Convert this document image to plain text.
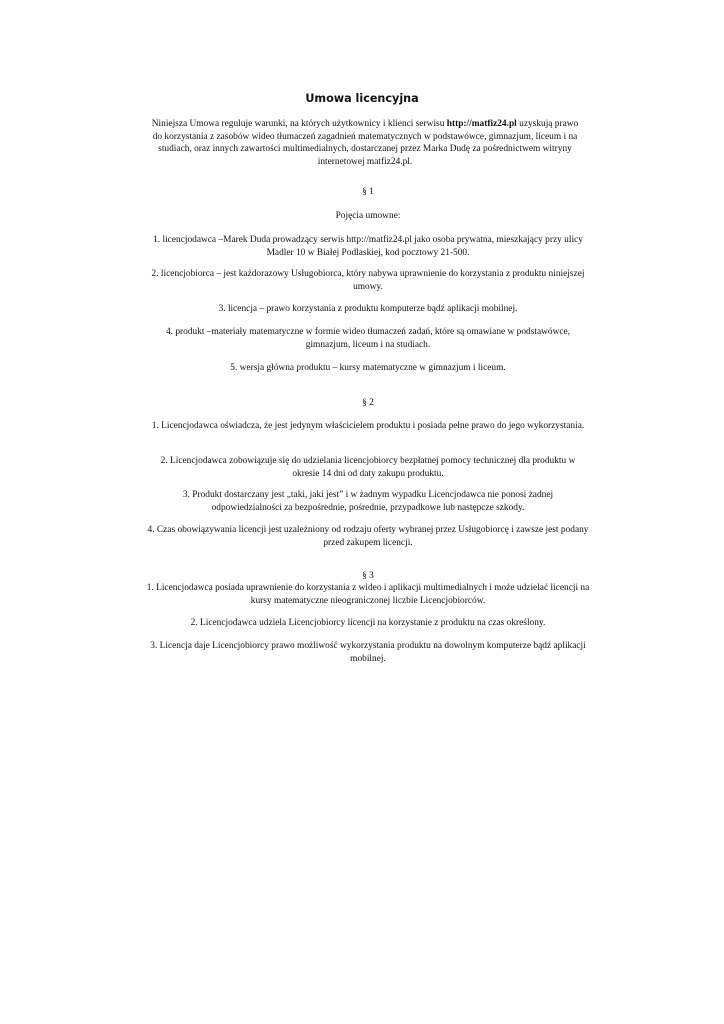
Umowa licencyjna

Niniejsza Umowa reguluje warunki, na których użytkownicy i klienci serwisu http://matfiz24.pl uzyskują prawo do korzystania z zasobów wideo tłumaczeń zagadnień matematycznych w podstawówce, gimnazjum, liceum i na studiach, oraz innych zawartości multimedialnych, dostarczanej przez Marka Dudę za pośrednictwem witryny internetowej matfiz24.pl.

§ 1

Pojęcia umowne:

1. licencjodawca –Marek Duda prowadzący serwis http://matfiz24.pl jako osoba prywatna, mieszkający przy ulicy Madler 10 w Białej Podlaskiej, kod pocztowy 21-500.

2. licencjobiorca – jest każdorazowy Usługobiorca, który nabywa uprawnienie do korzystania z produktu niniejszej umowy.

3. licencja – prawo korzystania z produktu komputerze bądź aplikacji mobilnej.

4. produkt –materiały matematyczne w formie wideo tłumaczeń zadań, które są omawiane w podstawówce, gimnazjum, liceum i na studiach.

5. wersja główna produktu – kursy matematyczne w gimnazjum i liceum.

§ 2

1. Licencjodawca oświadcza, że jest jedynym właścicielem produktu i posiada pełne prawo do jego wykorzystania.

2. Licencjodawca zobowiązuje się do udzielania licencjobiorcy bezpłatnej pomocy technicznej dla produktu w okresie 14 dni od daty zakupu produktu.

3. Produkt dostarczany jest „taki, jaki jest” i w żadnym wypadku Licencjodawca nie ponosi żadnej odpowiedzialności za bezpośrednie, pośrednie, przypadkowe lub następcze szkody.

4. Czas obowiązywania licencji jest uzależniony od rodzaju oferty wybranej przez Usługobiorcę i zawsze jest podany przed zakupem licencji.

§ 3

1. Licencjodawca posiada uprawnienie do korzystania z wideo i aplikacji multimedialnych i może udzielać licencji na kursy matematyczne nieograniczonej liczbie Licencjobiorców.

2. Licencjodawca udziela Licencjobiorcy licencji na korzystanie z produktu na czas określony.

3. Licencja daje Licencjobiorcy prawo możliwość wykorzystania produktu na dowolnym komputerze bądź aplikacji mobilnej.
